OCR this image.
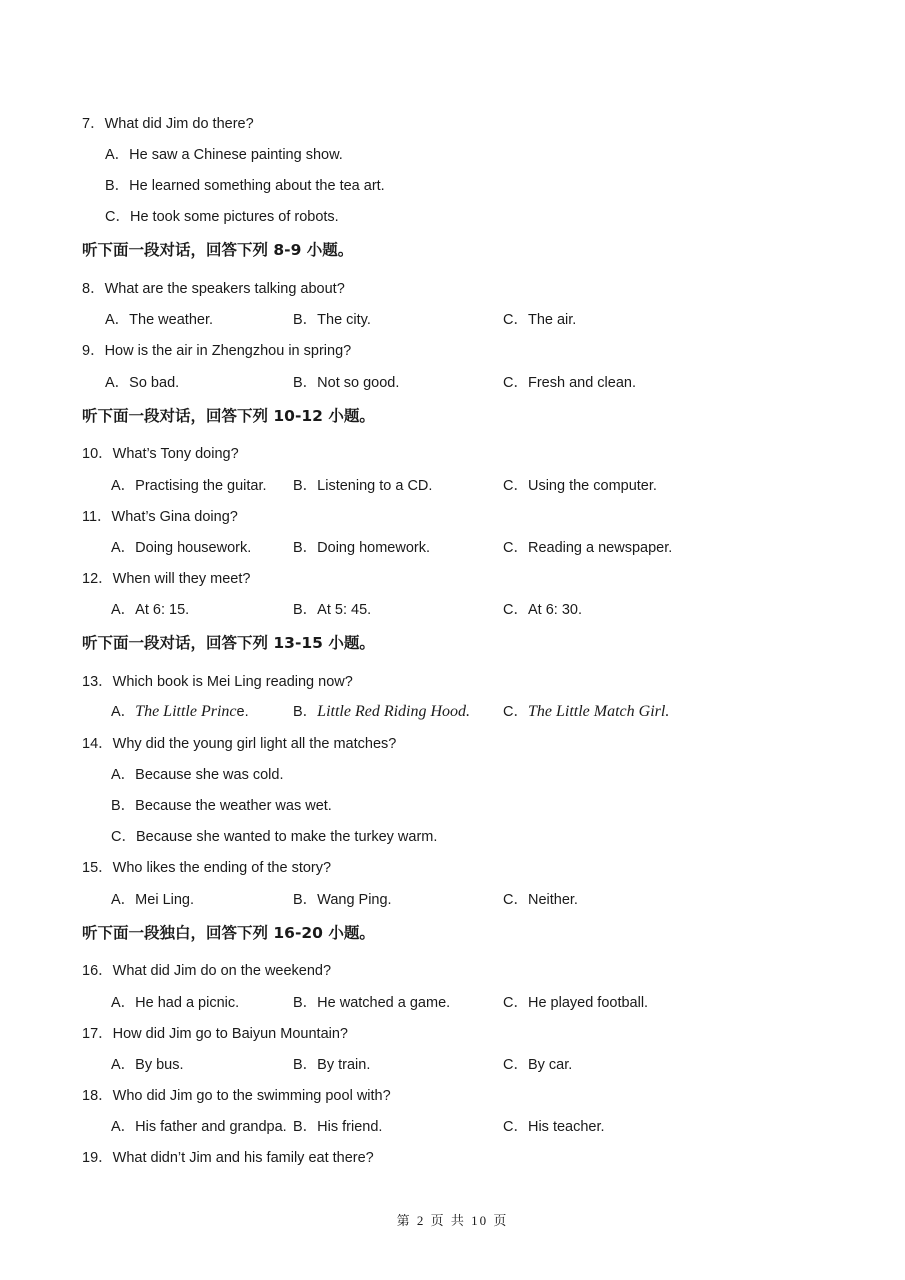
7．What did Jim do there?
A．He saw a Chinese painting show.
B．He learned something about the tea art.
C．He took some pictures of robots.
听下面一段对话，回答下列 8-9 小题。
8．What are the speakers talking about?
A．The weather.	B．The city.	C．The air.
9．How is the air in Zhengzhou in spring?
A．So bad.	B．Not so good.	C．Fresh and clean.
听下面一段对话，回答下列 10-12 小题。
10．What’s Tony doing?
A．Practising the guitar. B．Listening to a CD.	C．Using the computer.
11．What’s Gina doing?
A．Doing housework.	B．Doing homework.	C．Reading a newspaper.
12．When will they meet?
A．At 6: 15.	B．At 5: 45.	C．At 6: 30.
听下面一段对话，回答下列 13-15 小题。
13．Which book is Mei Ling reading now?
A．The Little Prince.	B．Little Red Riding Hood. C．The Little Match Girl.
14．Why did the young girl light all the matches?
A．Because she was cold.
B．Because the weather was wet.
C．Because she wanted to make the turkey warm.
15．Who likes the ending of the story?
A．Mei Ling.	B．Wang Ping.	C．Neither.
听下面一段独白，回答下列 16-20 小题。
16．What did Jim do on the weekend?
A．He had a picnic.	B．He watched a game.	C．He played football.
17．How did Jim go to Baiyun Mountain?
A．By bus.	B．By train.	C．By car.
18．Who did Jim go to the swimming pool with?
A．His father and grandpa. B．His friend.	C．His teacher.
19．What didn’t Jim and his family eat there?
第 2 页 共 10 页
